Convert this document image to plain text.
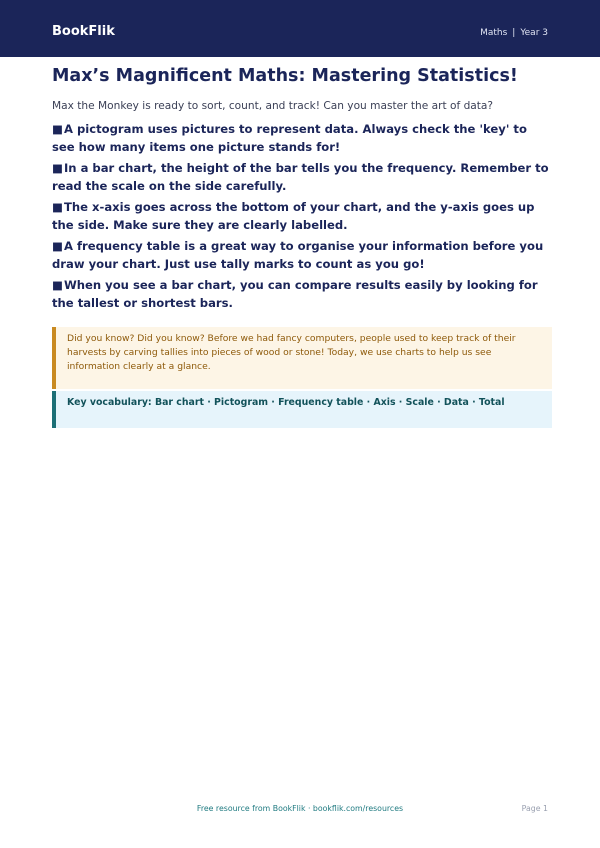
BookFlik	Maths | Year 3
Max’s Magnificent Maths: Mastering Statistics!

Max the Monkey is ready to sort, count, and track! Can you master the art of data?

■A pictogram uses pictures to represent data. Always check the 'key' to see how many items one picture stands for!

■In a bar chart, the height of the bar tells you the frequency. Remember to read the scale on the side carefully.

■The x-axis goes across the bottom of your chart, and the y-axis goes up the side. Make sure they are clearly labelled.

■A frequency table is a great way to organise your information before you draw your chart. Just use tally marks to count as you go!

■When you see a bar chart, you can compare results easily by looking for the tallest or shortest bars.

Did you know? Did you know? Before we had fancy computers, people used to keep track of their harvests by carving tallies into pieces of wood or stone! Today, we use charts to help us see information clearly at a glance.

Key vocabulary: Bar chart · Pictogram · Frequency table · Axis · Scale · Data · Total

Free resource from BookFlik · bookflik.com/resources	Page 1
